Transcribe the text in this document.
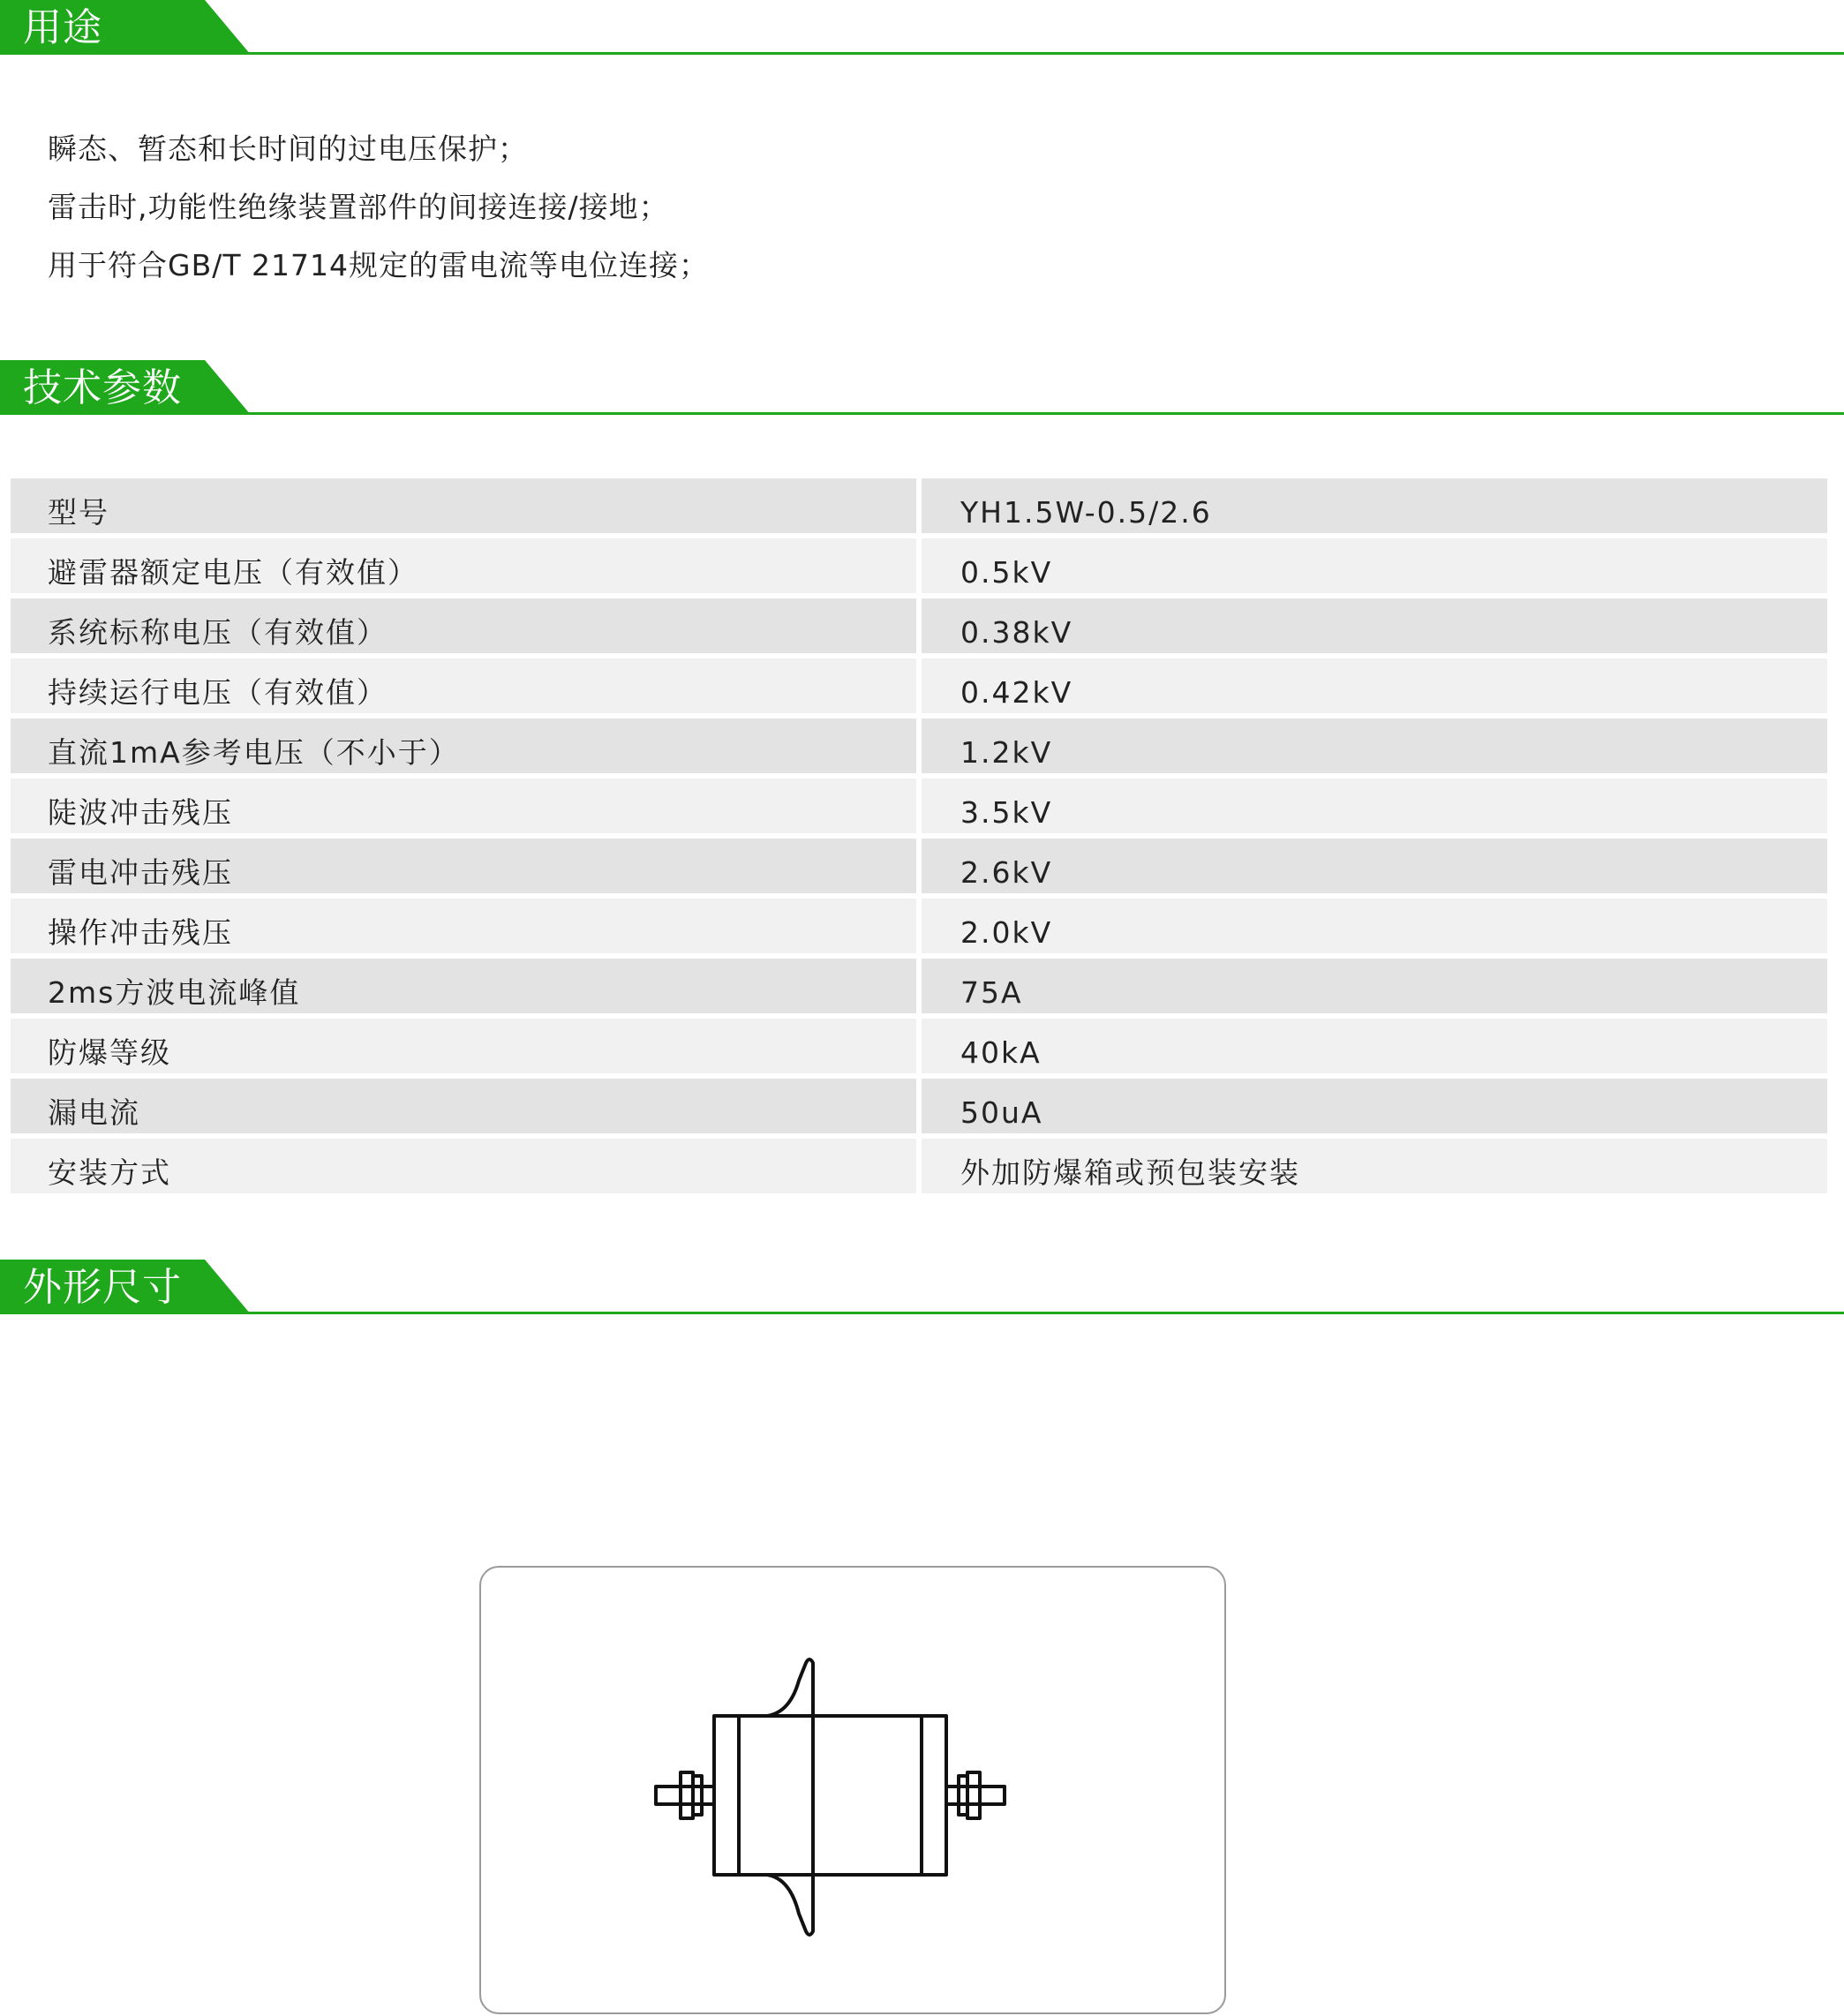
用途
瞬态、暂态和长时间的过电压保护；
雷击时,功能性绝缘装置部件的间接连接/接地；
用于符合GB/T 21714规定的雷电流等电位连接；
技术参数
型号	YH1.5W-0.5/2.6
避雷器额定电压（有效值）	0.5kV
系统标称电压（有效值）	0.38kV
持续运行电压（有效值）	0.42kV
直流1mA参考电压（不小于）	1.2kV
陡波冲击残压	3.5kV
雷电冲击残压	2.6kV
操作冲击残压	2.0kV
2ms方波电流峰值	75A
防爆等级	40kA
漏电流	50uA
安装方式	外加防爆箱或预包装安装
外形尺寸
